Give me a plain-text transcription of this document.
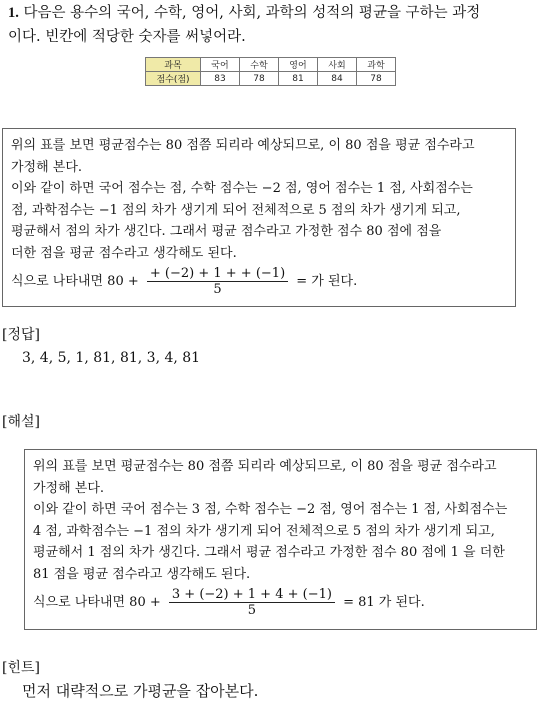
1. 다음은 용수의 국어, 수학, 영어, 사회, 과학의 성적의 평균을 구하는 과정
이다. 빈칸에 적당한 숫자를 써넣어라.
과목	국어	수학	영어	사회	과학
점수(점)	83	78	81	84	78

위의 표를 보면 평균점수는 80 점쯤 되리라 예상되므로, 이 80 점을 평균 점수라고

가정해 본다.

이와 같이 하면 국어 점수는 점, 수학 점수는 −2 점, 영어 점수는 1 점, 사회점수는

점, 과학점수는 −1 점의 차가 생기게 되어 전체적으로 5 점의 차가 생기게 되고,

평균해서 점의 차가 생긴다. 그래서 평균 점수라고 가정한 점수 80 점에 점을

더한 점을 평균 점수라고 생각해도 된다.

식으로 나타내면 $80 + \frac{+ (-2) + 1 + + (-1)}{5}$ = 가 된다.

[정답]
3, 4, 5, 1, 81, 81, 3, 4, 81
[해설]

위의 표를 보면 평균점수는 80 점쯤 되리라 예상되므로, 이 80 점을 평균 점수라고

가정해 본다.

이와 같이 하면 국어 점수는 3 점, 수학 점수는 −2 점, 영어 점수는 1 점, 사회점수는

4 점, 과학점수는 −1 점의 차가 생기게 되어 전체적으로 5 점의 차가 생기게 되고,

평균해서 1 점의 차가 생긴다. 그래서 평균 점수라고 가정한 점수 80 점에 1 을 더한

81 점을 평균 점수라고 생각해도 된다.

식으로 나타내면 $80 + \frac{3 + (-2) + 1 + 4 + (-1)}{5} = 81$ 가 된다.

[힌트]
먼저 대략적으로 가평균을 잡아본다.
